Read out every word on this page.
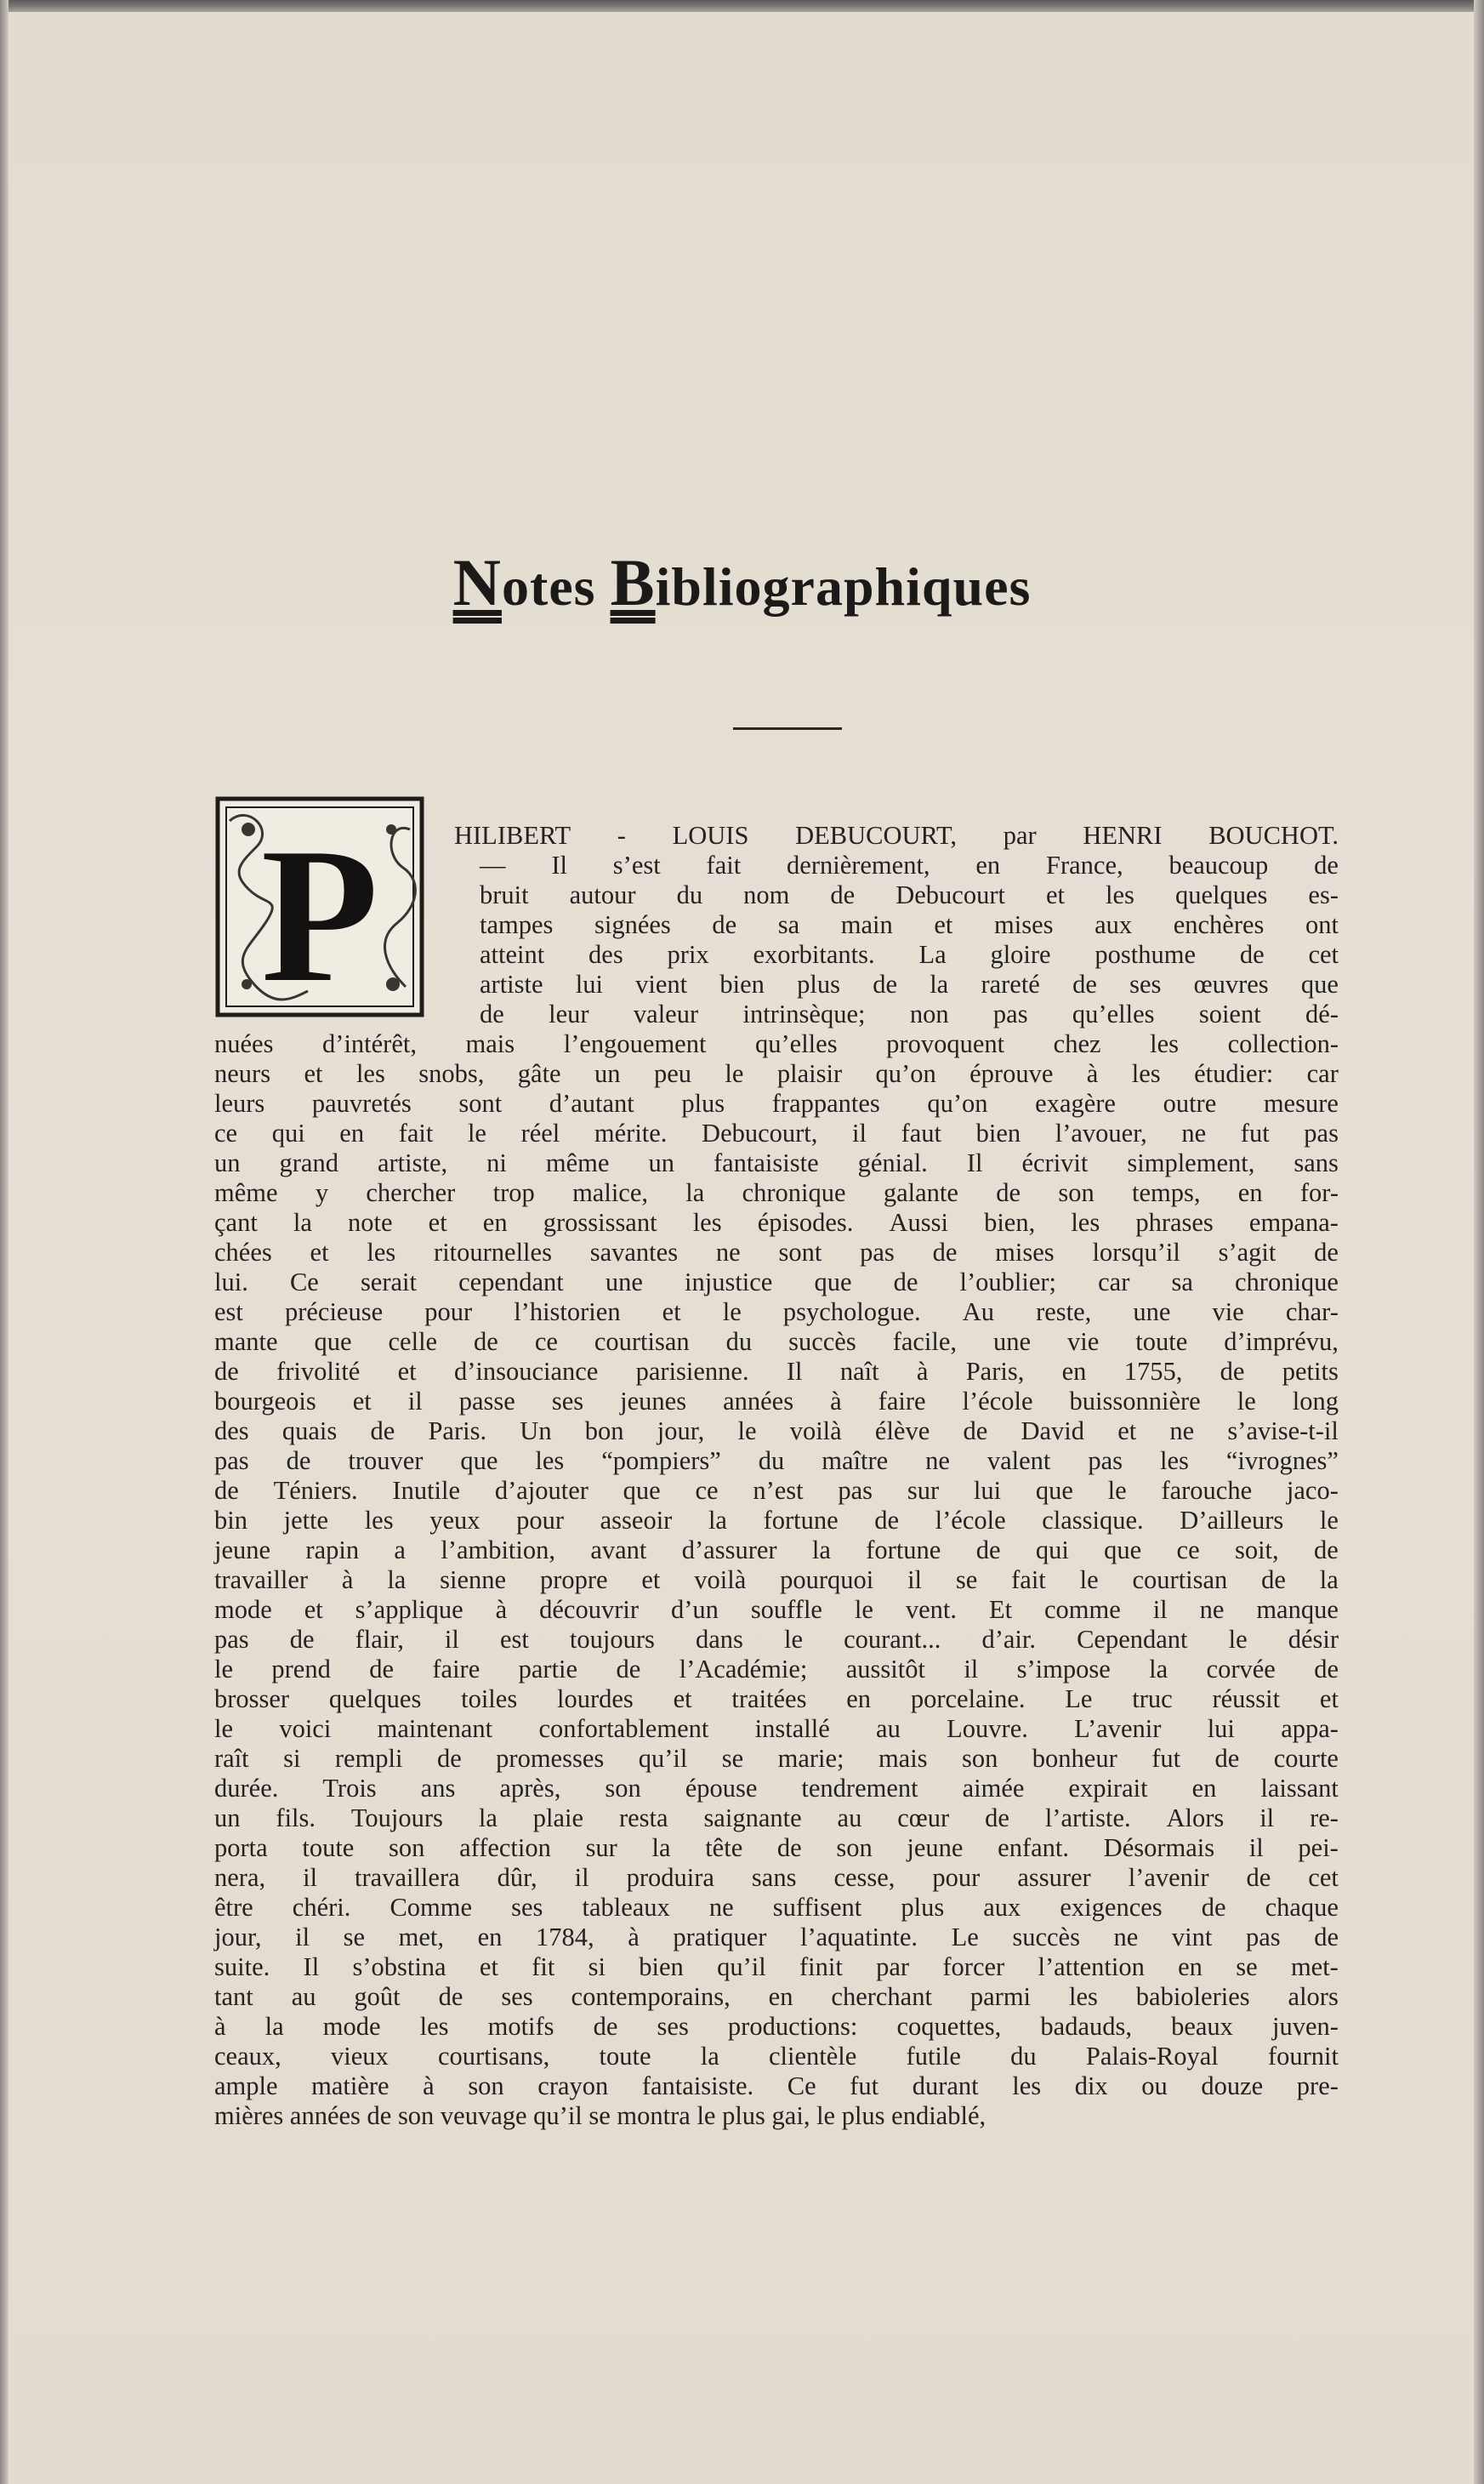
Notes Bibliographiques
P	HILIBERT - LOUIS DEBUCOURT, par HENRI BOUCHOT.
— Il s’est fait dernièrement, en France, beaucoup de
bruit autour du nom de Debucourt et les quelques es-
tampes signées de sa main et mises aux enchères ont
atteint des prix exorbitants. La gloire posthume de cet
artiste lui vient bien plus de la rareté de ses œuvres que
de leur valeur intrinsèque; non pas qu’elles soient dé-
nuées d’intérêt, mais l’engouement qu’elles provoquent chez les collection-
neurs et les snobs, gâte un peu le plaisir qu’on éprouve à les étudier: car
leurs pauvretés sont d’autant plus frappantes qu’on exagère outre mesure
ce qui en fait le réel mérite. Debucourt, il faut bien l’avouer, ne fut pas
un grand artiste, ni même un fantaisiste génial. Il écrivit simplement, sans
même y chercher trop malice, la chronique galante de son temps, en for-
çant la note et en grossissant les épisodes. Aussi bien, les phrases empana-
chées et les ritournelles savantes ne sont pas de mises lorsqu’il s’agit de
lui. Ce serait cependant une injustice que de l’oublier; car sa chronique
est précieuse pour l’historien et le psychologue. Au reste, une vie char-
mante que celle de ce courtisan du succès facile, une vie toute d’imprévu,
de frivolité et d’insouciance parisienne. Il naît à Paris, en 1755, de petits
bourgeois et il passe ses jeunes années à faire l’école buissonnière le long
des quais de Paris. Un bon jour, le voilà élève de David et ne s’avise-t-il
pas de trouver que les “pompiers” du maître ne valent pas les “ivrognes”
de Téniers. Inutile d’ajouter que ce n’est pas sur lui que le farouche jaco-
bin jette les yeux pour asseoir la fortune de l’école classique. D’ailleurs le
jeune rapin a l’ambition, avant d’assurer la fortune de qui que ce soit, de
travailler à la sienne propre et voilà pourquoi il se fait le courtisan de la
mode et s’applique à découvrir d’un souffle le vent. Et comme il ne manque
pas de flair, il est toujours dans le courant... d’air. Cependant le désir
le prend de faire partie de l’Académie; aussitôt il s’impose la corvée de
brosser quelques toiles lourdes et traitées en porcelaine. Le truc réussit et
le voici maintenant confortablement installé au Louvre. L’avenir lui appa-
raît si rempli de promesses qu’il se marie; mais son bonheur fut de courte
durée. Trois ans après, son épouse tendrement aimée expirait en laissant
un fils. Toujours la plaie resta saignante au cœur de l’artiste. Alors il re-
porta toute son affection sur la tête de son jeune enfant. Désormais il pei-
nera, il travaillera dûr, il produira sans cesse, pour assurer l’avenir de cet
être chéri. Comme ses tableaux ne suffisent plus aux exigences de chaque
jour, il se met, en 1784, à pratiquer l’aquatinte. Le succès ne vint pas de
suite. Il s’obstina et fit si bien qu’il finit par forcer l’attention en se met-
tant au goût de ses contemporains, en cherchant parmi les babioleries alors
à la mode les motifs de ses productions: coquettes, badauds, beaux juven-
ceaux, vieux courtisans, toute la clientèle futile du Palais-Royal fournit
ample matière à son crayon fantaisiste. Ce fut durant les dix ou douze pre-
mières années de son veuvage qu’il se montra le plus gai, le plus endiablé,
